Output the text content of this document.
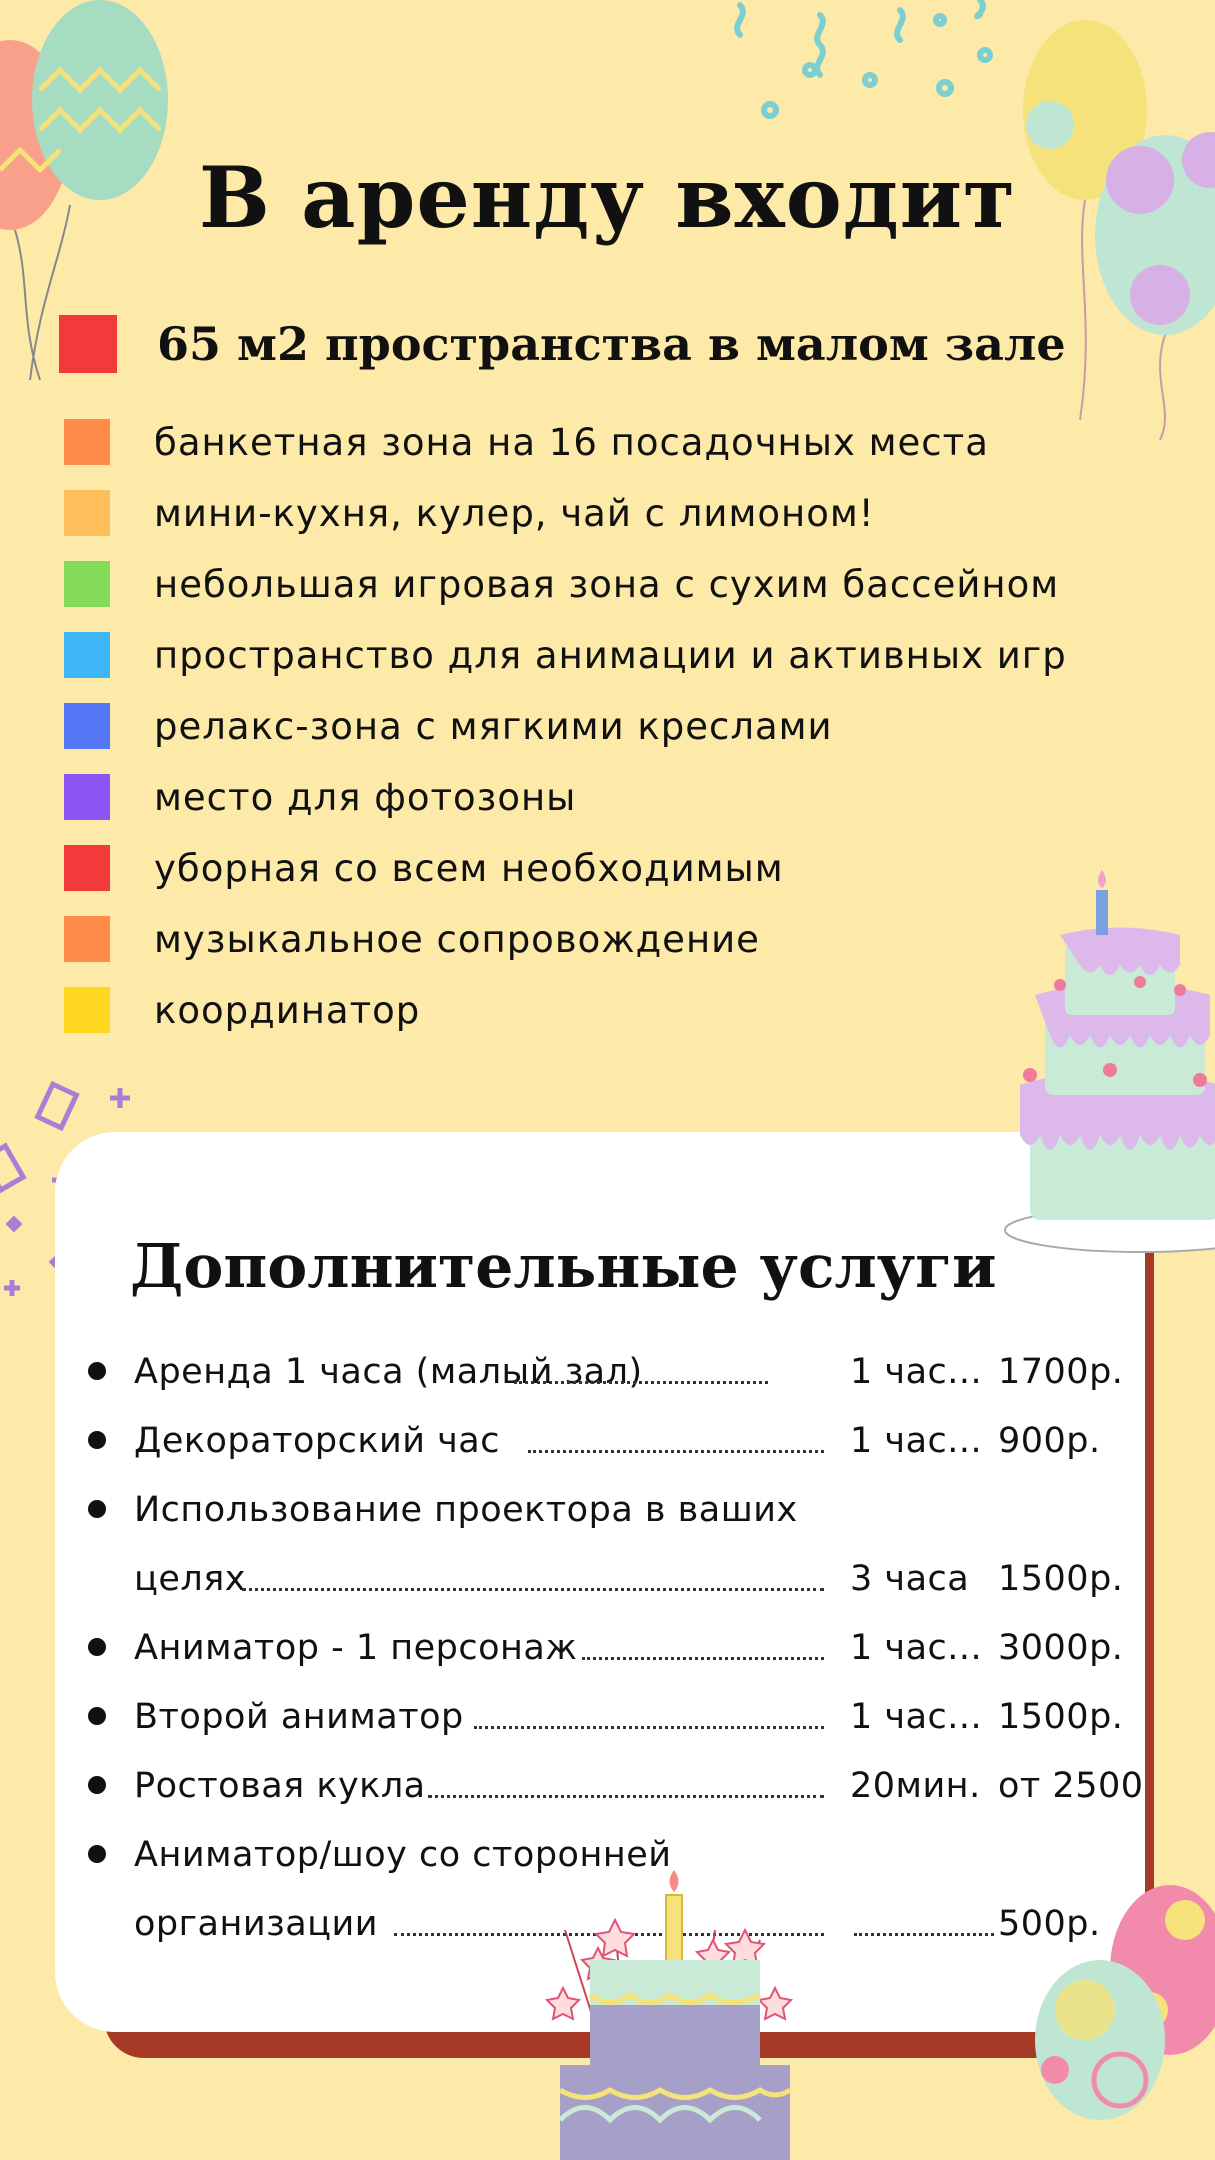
В аренду входит
65 м2 пространства в малом зале
банкетная зона на 16 посадочных места
мини-кухня, кулер, чай с лимоном!
небольшая игровая зона с сухим бассейном
пространство для анимации и активных игр
релакс-зона с мягкими креслами
место для фотозоны
уборная со всем необходимым
музыкальное сопровождение
координатор
Дополнительные услуги
Аренда 1 часа (малый зал)	1 час... 1700р.
Декораторский час	1 час... 900р.
Использование проектора в ваших
целях	3 часа 1500р.
Аниматор - 1 персонаж	1 час... 3000р.
Второй аниматор	1 час... 1500р.
Ростовая кукла	20мин. от 2500
Аниматор/шоу со сторонней
организации	500р.
